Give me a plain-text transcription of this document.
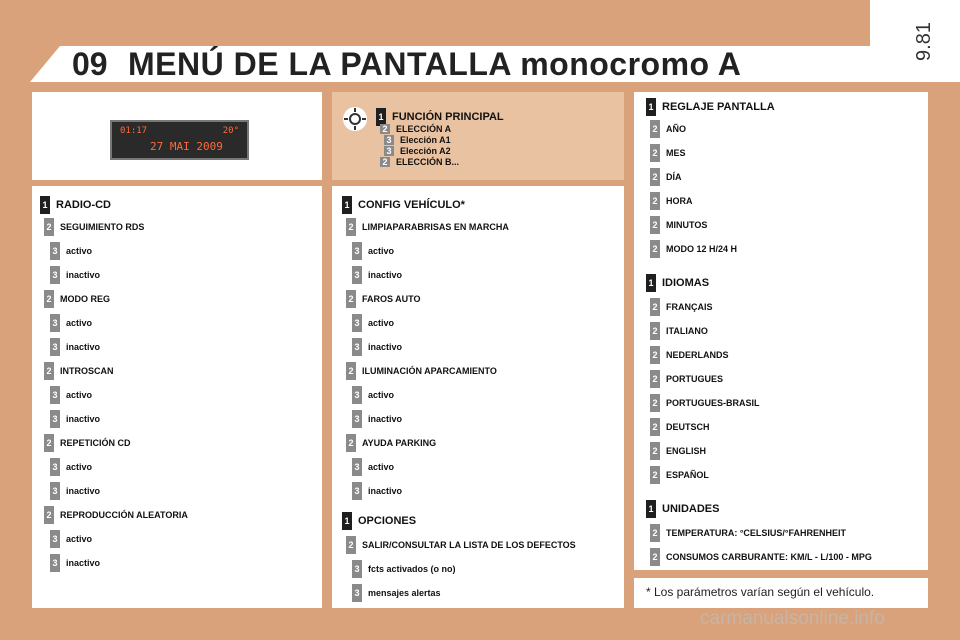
9.81
09 MENÚ DE LA PANTALLA monocromo A
01:17	20°
27 MAI 2009
1 FUNCIÓN PRINCIPAL
2 ELECCIÓN A
3 Elección A1
3 Elección A2
2 ELECCIÓN B...
1 RADIO-CD
2 SEGUIMIENTO RDS
3 activo
3 inactivo
2 MODO REG
3 activo
3 inactivo
2 INTROSCAN
3 activo
3 inactivo
2 REPETICIÓN CD
3 activo
3 inactivo
2 REPRODUCCIÓN ALEATORIA
3 activo
3 inactivo
1 CONFIG VEHÍCULO*
2 LIMPIAPARABRISAS EN MARCHA
3 activo
3 inactivo
2 FAROS AUTO
3 activo
3 inactivo
2 ILUMINACIÓN APARCAMIENTO
3 activo
3 inactivo
2 AYUDA PARKING
3 activo
3 inactivo
1 OPCIONES
2 SALIR/CONSULTAR LA LISTA DE LOS DEFECTOS
3 fcts activados (o no)
3 mensajes alertas
1 REGLAJE PANTALLA
2 AÑO
2 MES
2 DÍA
2 HORA
2 MINUTOS
2 MODO 12 H/24 H
1 IDIOMAS
2 FRANÇAIS
2 ITALIANO
2 NEDERLANDS
2 PORTUGUES
2 PORTUGUES-BRASIL
2 DEUTSCH
2 ENGLISH
2 ESPAÑOL
1 UNIDADES
2 TEMPERATURA: °CELSIUS/°FAHRENHEIT
2 CONSUMOS CARBURANTE: KM/L - L/100 - MPG
* Los parámetros varían según el vehículo.
carmanualsonline.info
